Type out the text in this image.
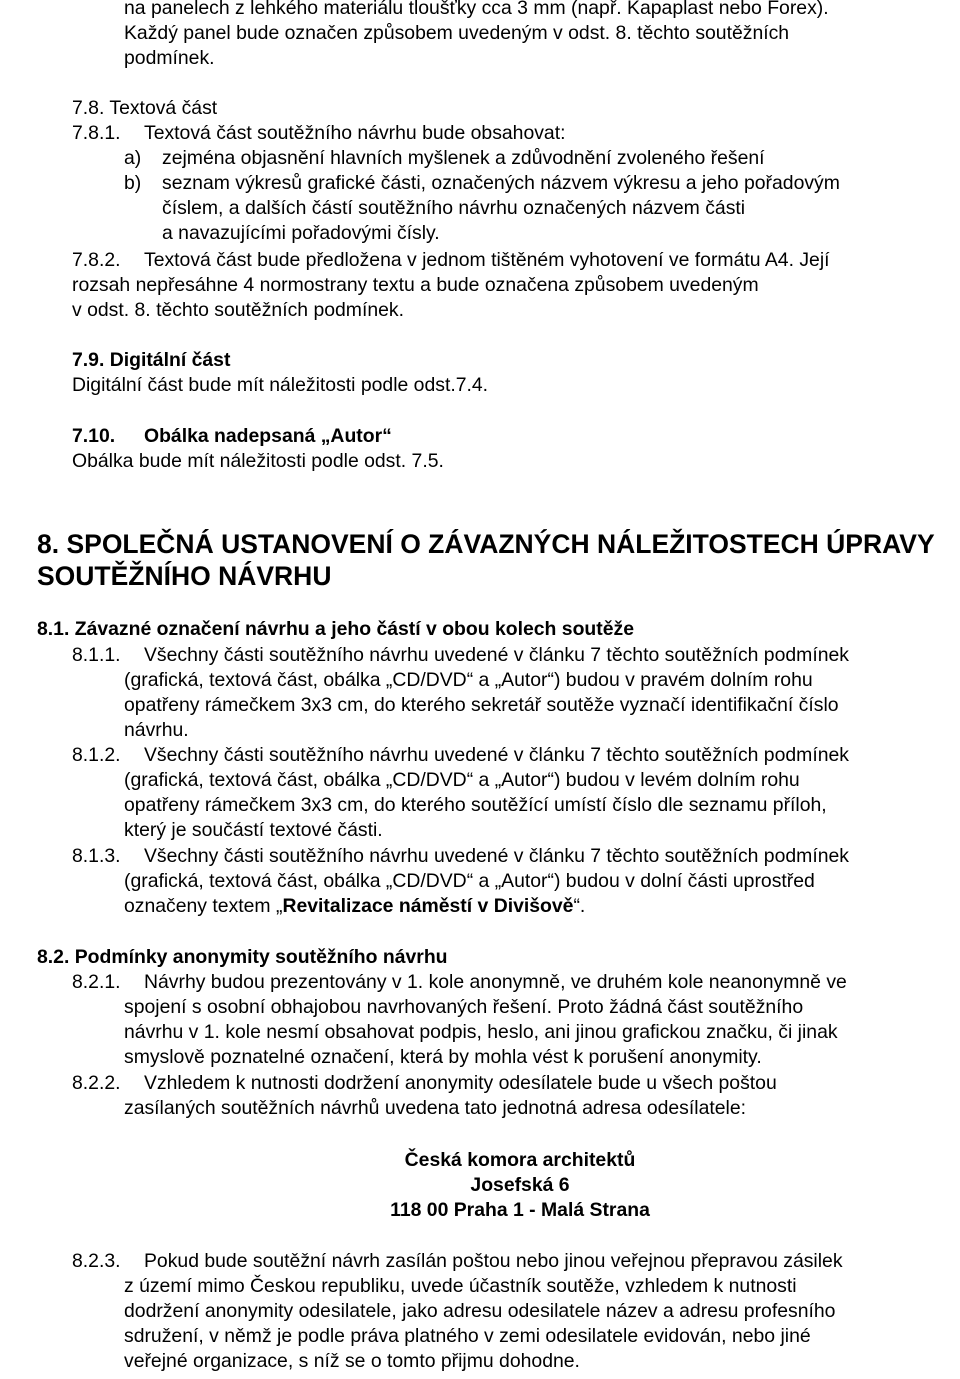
na panelech z lehkého materiálu tloušťky cca 3 mm (např. Kapaplast nebo Forex).
Každý panel bude označen způsobem uvedeným v odst. 8. těchto soutěžních
podmínek.
7.8. Textová část
7.8.1. Textová část soutěžního návrhu bude obsahovat:
a) zejména objasnění hlavních myšlenek a zdůvodnění zvoleného řešení
b) seznam výkresů grafické části, označených názvem výkresu a jeho pořadovým
číslem, a dalších částí soutěžního návrhu označených názvem části
a navazujícími pořadovými čísly.
7.8.2. Textová část bude předložena v jednom tištěném vyhotovení ve formátu A4. Její
rozsah nepřesáhne 4 normostrany textu a bude označena způsobem uvedeným
v odst. 8. těchto soutěžních podmínek.
7.9. Digitální část
Digitální část bude mít náležitosti podle odst.7.4.
7.10. Obálka nadepsaná „Autor“
Obálka bude mít náležitosti podle odst. 7.5.
8. SPOLEČNÁ USTANOVENÍ O ZÁVAZNÝCH NÁLEŽITOSTECH ÚPRAVY
SOUTĚŽNÍHO NÁVRHU
8.1. Závazné označení návrhu a jeho částí v obou kolech soutěže
8.1.1. Všechny části soutěžního návrhu uvedené v článku 7 těchto soutěžních podmínek
(grafická, textová část, obálka „CD/DVD“ a „Autor“) budou v pravém dolním rohu
opatřeny rámečkem 3x3 cm, do kterého sekretář soutěže vyznačí identifikační číslo
návrhu.
8.1.2. Všechny části soutěžního návrhu uvedené v článku 7 těchto soutěžních podmínek
(grafická, textová část, obálka „CD/DVD“ a „Autor“) budou v levém dolním rohu
opatřeny rámečkem 3x3 cm, do kterého soutěžící umístí číslo dle seznamu příloh,
který je součástí textové části.
8.1.3. Všechny části soutěžního návrhu uvedené v článku 7 těchto soutěžních podmínek
(grafická, textová část, obálka „CD/DVD“ a „Autor“) budou v dolní části uprostřed
označeny textem „Revitalizace náměstí v Divišově“.
8.2. Podmínky anonymity soutěžního návrhu
8.2.1. Návrhy budou prezentovány v 1. kole anonymně, ve druhém kole neanonymně ve
spojení s osobní obhajobou navrhovaných řešení. Proto žádná část soutěžního
návrhu v 1. kole nesmí obsahovat podpis, heslo, ani jinou grafickou značku, či jinak
smyslově poznatelné označení, která by mohla vést k porušení anonymity.
8.2.2. Vzhledem k nutnosti dodržení anonymity odesílatele bude u všech poštou
zasílaných soutěžních návrhů uvedena tato jednotná adresa odesílatele:
Česká komora architektů
Josefská 6
118 00 Praha 1 - Malá Strana
8.2.3. Pokud bude soutěžní návrh zasílán poštou nebo jinou veřejnou přepravou zásilek
z území mimo Českou republiku, uvede účastník soutěže, vzhledem k nutnosti
dodržení anonymity odesilatele, jako adresu odesilatele název a adresu profesního
sdružení, v němž je podle práva platného v zemi odesilatele evidován, nebo jiné
veřejné organizace, s níž se o tomto přijmu dohodne.
